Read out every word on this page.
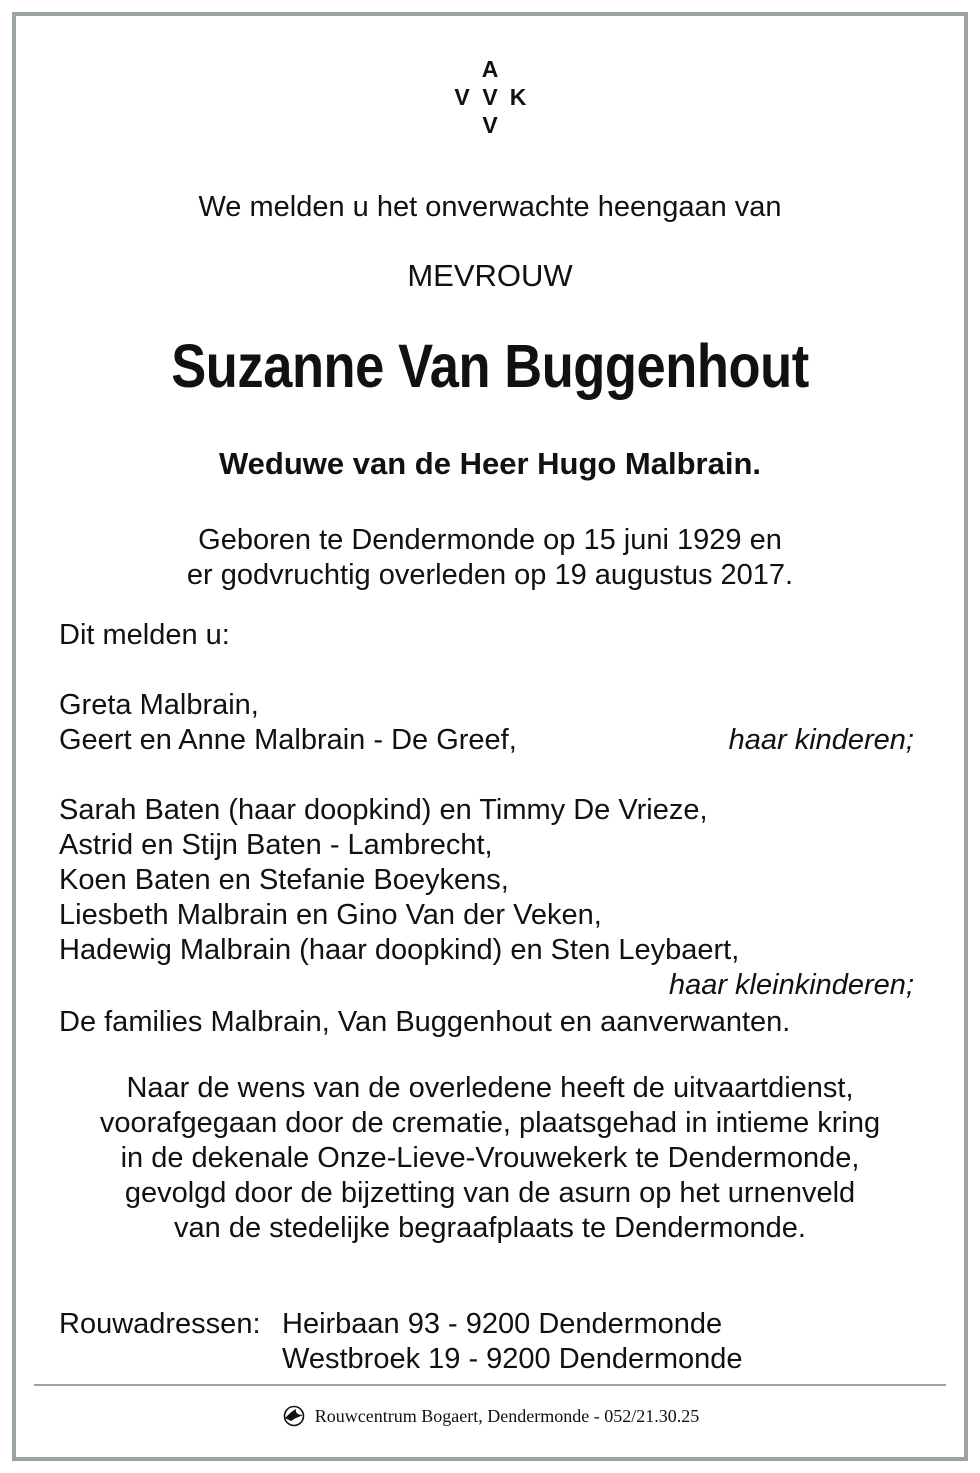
A
V V K
V
We melden u het onverwachte heengaan van
MEVROUW
Suzanne Van Buggenhout
Weduwe van de Heer Hugo Malbrain.
Geboren te Dendermonde op 15 juni 1929 en
er godvruchtig overleden op 19 augustus 2017.
Dit melden u:
Greta Malbrain,
Geert en Anne Malbrain - De Greef,	haar kinderen;
Sarah Baten (haar doopkind) en Timmy De Vrieze,
Astrid en Stijn Baten - Lambrecht,
Koen Baten en Stefanie Boeykens,
Liesbeth Malbrain en Gino Van der Veken,
Hadewig Malbrain (haar doopkind) en Sten Leybaert,
haar kleinkinderen;
De families Malbrain, Van Buggenhout en aanverwanten.
Naar de wens van de overledene heeft de uitvaartdienst,
voorafgegaan door de crematie, plaatsgehad in intieme kring
in de dekenale Onze-Lieve-Vrouwekerk te Dendermonde,
gevolgd door de bijzetting van de asurn op het urnenveld
van de stedelijke begraafplaats te Dendermonde.
Rouwadressen: Heirbaan 93 - 9200 Dendermonde
Westbroek 19 - 9200 Dendermonde
Rouwcentrum Bogaert, Dendermonde - 052/21.30.25
